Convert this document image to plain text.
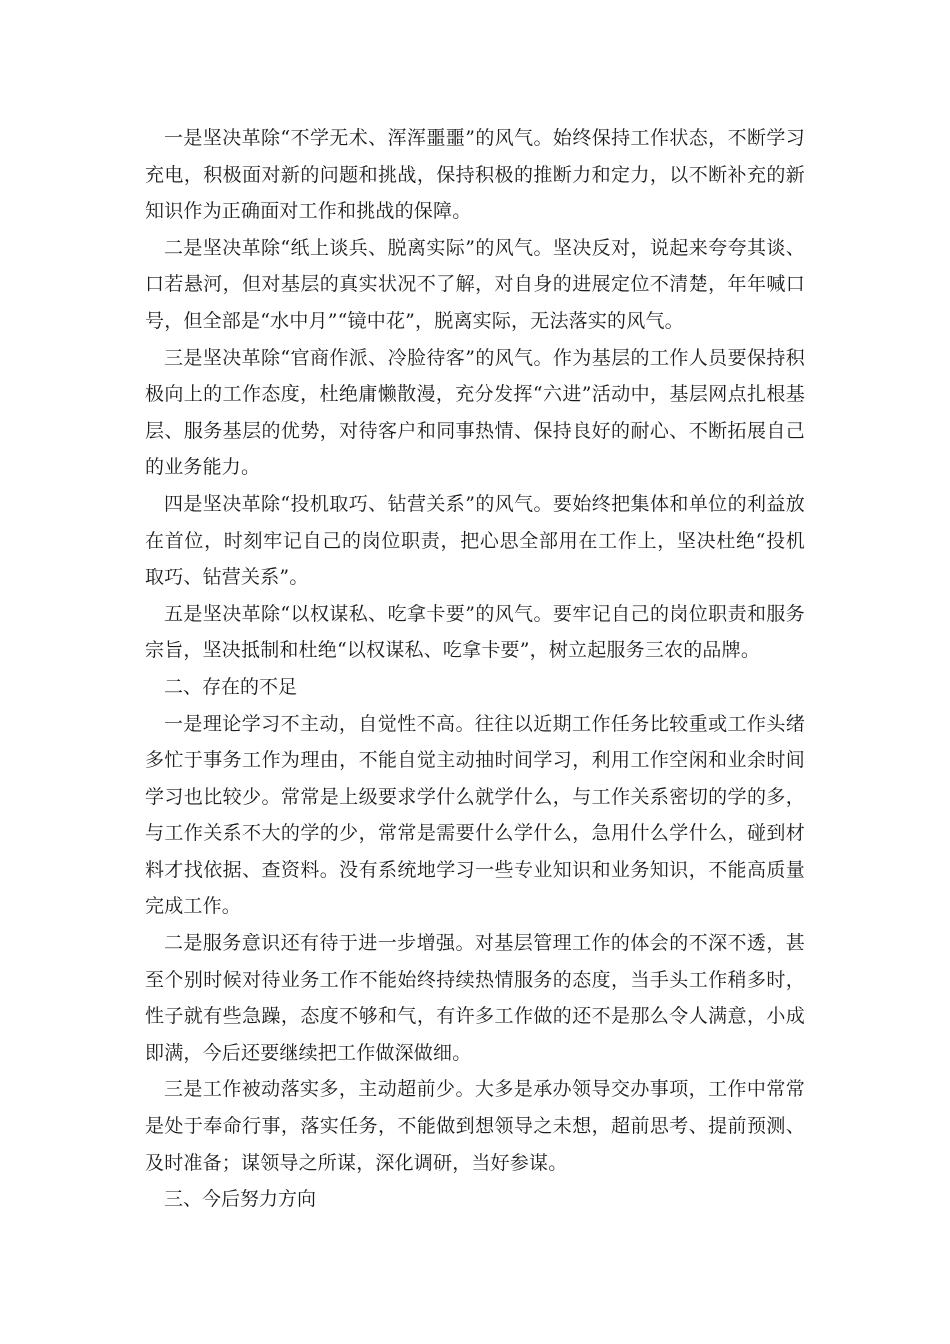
一是坚决革除“不学无术、浑浑噩噩”的风气。始终保持工作状态，不断学习充电，积极面对新的问题和挑战，保持积极的推断力和定力，以不断补充的新知识作为正确面对工作和挑战的保障。

二是坚决革除“纸上谈兵、脱离实际”的风气。坚决反对，说起来夸夸其谈、口若悬河，但对基层的真实状况不了解，对自身的进展定位不清楚，年年喊口号，但全部是“水中月”“镜中花”，脱离实际，无法落实的风气。

三是坚决革除“官商作派、冷脸待客”的风气。作为基层的工作人员要保持积极向上的工作态度，杜绝庸懒散漫，充分发挥“六进”活动中，基层网点扎根基层、服务基层的优势，对待客户和同事热情、保持良好的耐心、不断拓展自己的业务能力。

四是坚决革除“投机取巧、钻营关系”的风气。要始终把集体和单位的利益放在首位，时刻牢记自己的岗位职责，把心思全部用在工作上，坚决杜绝“投机取巧、钻营关系”。

五是坚决革除“以权谋私、吃拿卡要”的风气。要牢记自己的岗位职责和服务宗旨，坚决抵制和杜绝“以权谋私、吃拿卡要”，树立起服务三农的品牌。

二、存在的不足

一是理论学习不主动，自觉性不高。往往以近期工作任务比较重或工作头绪多忙于事务工作为理由，不能自觉主动抽时间学习，利用工作空闲和业余时间学习也比较少。常常是上级要求学什么就学什么，与工作关系密切的学的多，与工作关系不大的学的少，常常是需要什么学什么，急用什么学什么，碰到材料才找依据、查资料。没有系统地学习一些专业知识和业务知识，不能高质量完成工作。

二是服务意识还有待于进一步增强。对基层管理工作的体会的不深不透，甚至个别时候对待业务工作不能始终持续热情服务的态度，当手头工作稍多时，性子就有些急躁，态度不够和气，有许多工作做的还不是那么令人满意，小成即满，今后还要继续把工作做深做细。

三是工作被动落实多，主动超前少。大多是承办领导交办事项，工作中常常是处于奉命行事，落实任务，不能做到想领导之未想，超前思考、提前预测、及时准备；谋领导之所谋，深化调研，当好参谋。

三、今后努力方向
